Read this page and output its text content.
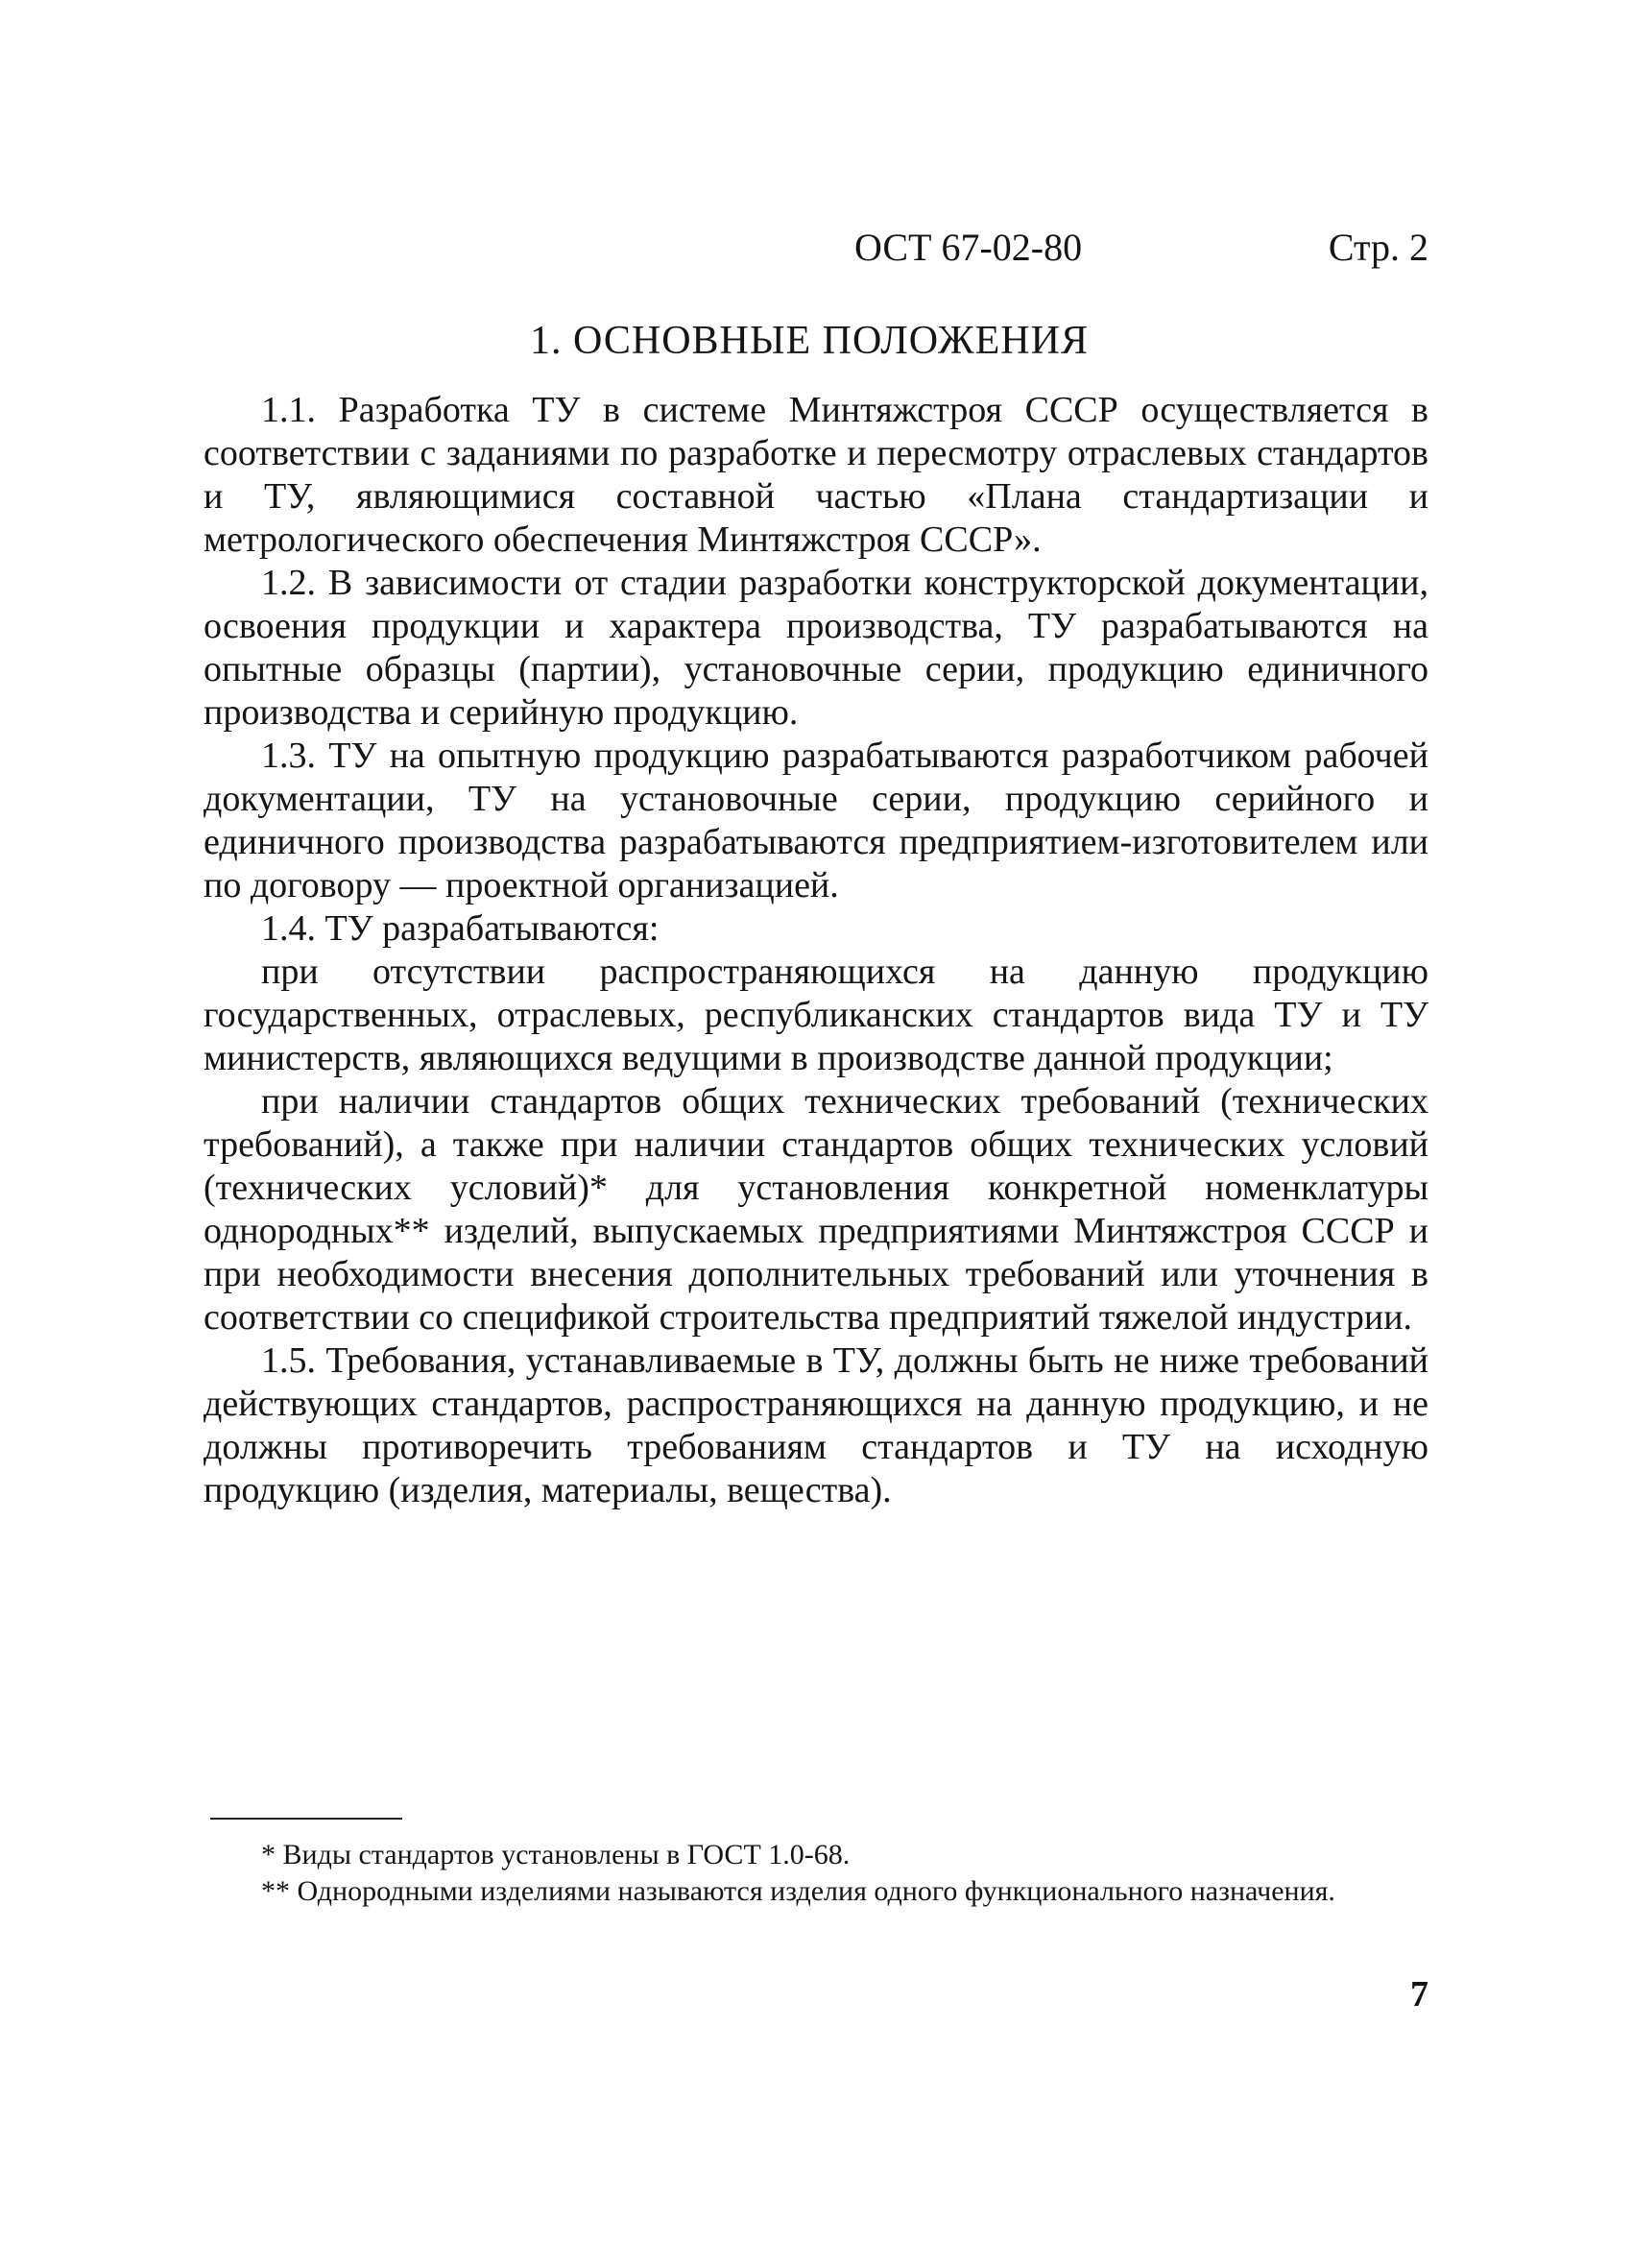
ОСТ 67-02-80	Стр. 2
1. ОСНОВНЫЕ ПОЛОЖЕНИЯ

1.1. Разработка ТУ в системе Минтяжстроя СССР осуществляется в соответствии с заданиями по разработке и пересмотру отраслевых стандартов и ТУ, являющимися составной частью «Плана стандартизации и метрологического обеспечения Минтяжстроя СССР».

1.2. В зависимости от стадии разработки конструкторской документации, освоения продукции и характера производства, ТУ разрабатываются на опытные образцы (партии), установочные серии, продукцию единичного производства и серийную продукцию.

1.3. ТУ на опытную продукцию разрабатываются разработчиком рабочей документации, ТУ на установочные серии, продукцию серийного и единичного производства разрабатываются предприятием-изготовителем или по договору — проектной организацией.

1.4. ТУ разрабатываются:

при отсутствии распространяющихся на данную продукцию государственных, отраслевых, республиканских стандартов вида ТУ и ТУ министерств, являющихся ведущими в производстве данной продукции;

при наличии стандартов общих технических требований (технических требований), а также при наличии стандартов общих технических условий (технических условий)* для установления конкретной номенклатуры однородных** изделий, выпускаемых предприятиями Минтяжстроя СССР и при необходимости внесения дополнительных требований или уточнения в соответствии со спецификой строительства предприятий тяжелой индустрии.

1.5. Требования, устанавливаемые в ТУ, должны быть не ниже требований действующих стандартов, распространяющихся на данную продукцию, и не должны противоречить требованиям стандартов и ТУ на исходную продукцию (изделия, материалы, вещества).

* Виды стандартов установлены в ГОСТ 1.0-68.

** Однородными изделиями называются изделия одного функционального назначения.

7
